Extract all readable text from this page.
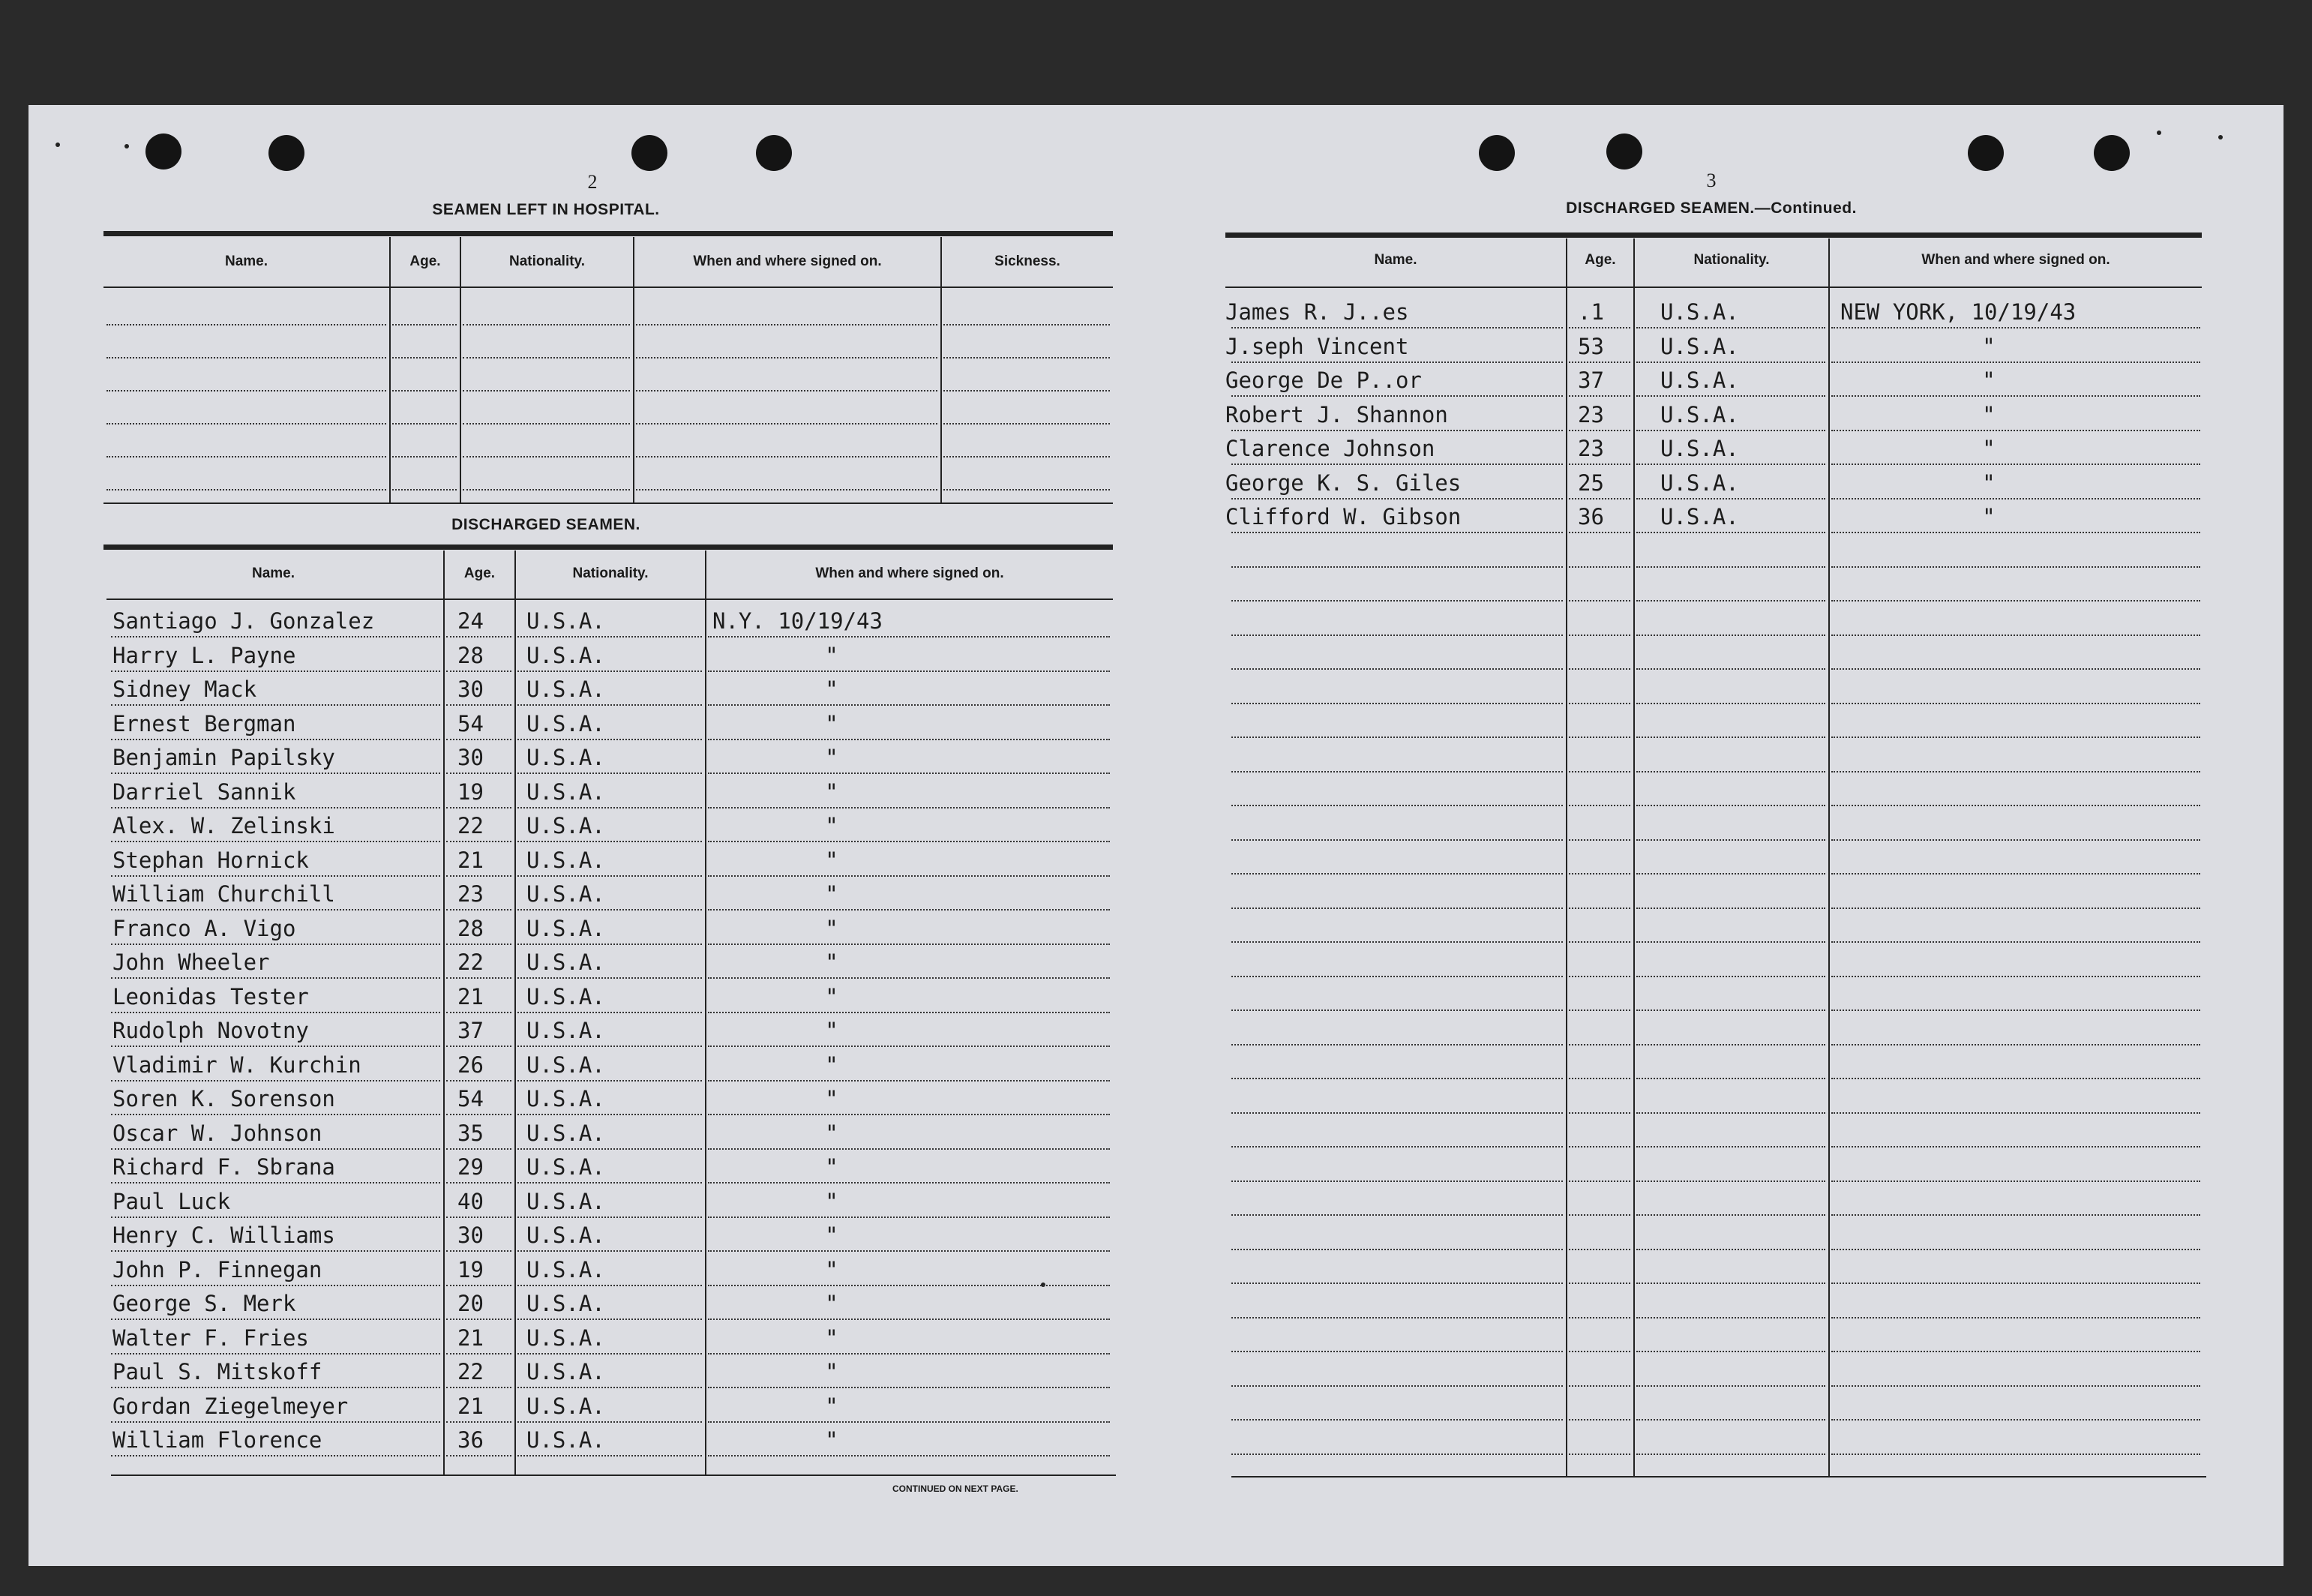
2
SEAMEN LEFT IN HOSPITAL.
Name.	Age.	Nationality.	When and where signed on.	Sickness.
DISCHARGED SEAMEN.
Name.	Age.	Nationality.	When and where signed on.
Santiago J. Gonzalez	24 U.S.A.	N.Y. 10/19/43
Harry L. Payne	28 U.S.A.	"
Sidney Mack	30 U.S.A.	"
Ernest Bergman	54 U.S.A.	"
Benjamin Papilsky	30 U.S.A.	"
Darriel Sannik	19 U.S.A.	"
Alex. W. Zelinski	22 U.S.A.	"
Stephan Hornick	21 U.S.A.	"
William Churchill	23 U.S.A.	"
Franco A. Vigo	28 U.S.A.	"
John Wheeler	22 U.S.A.	"
Leonidas Tester	21 U.S.A.	"
Rudolph Novotny	37 U.S.A.	"
Vladimir W. Kurchin	26 U.S.A.	"
Soren K. Sorenson	54 U.S.A.	"
Oscar W. Johnson	35 U.S.A.	"
Richard F. Sbrana	29 U.S.A.	"
Paul Luck	40 U.S.A.	"
Henry C. Williams	30 U.S.A.	"
John P. Finnegan	19 U.S.A.	"
George S. Merk	20 U.S.A.	"
Walter F. Fries	21 U.S.A.	"
Paul S. Mitskoff	22 U.S.A.	"
Gordan Ziegelmeyer	21 U.S.A.	"
William Florence	36 U.S.A.	"
CONTINUED ON NEXT PAGE.
3
DISCHARGED SEAMEN.—Continued.
Name.	Age.	Nationality.	When and where signed on.
James R. J..es	.1	U.S.A.	NEW YORK, 10/19/43
J.seph Vincent	53	U.S.A.	"
George De P..or	37	U.S.A.	"
Robert J. Shannon	23	U.S.A.	"
Clarence Johnson	23	U.S.A.	"
George K. S. Giles	25	U.S.A.	"
Clifford W. Gibson	36	U.S.A.	"
